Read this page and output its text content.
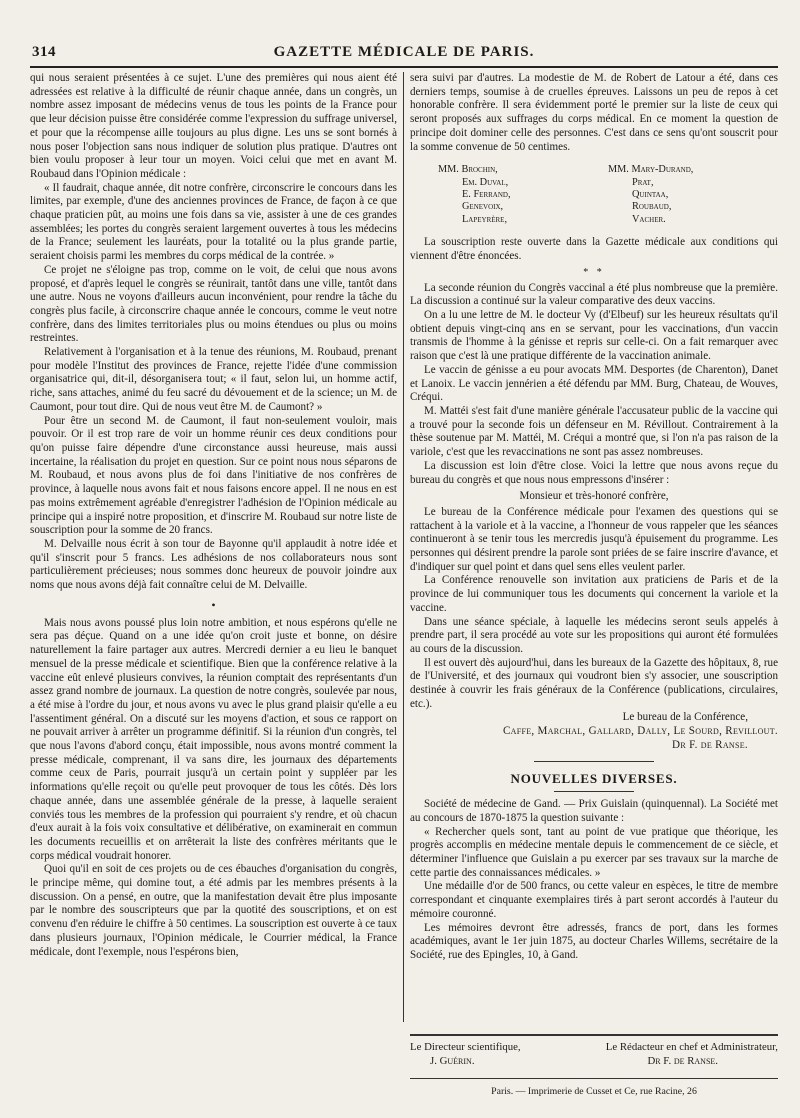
314	GAZETTE MÉDICALE DE PARIS.

qui nous seraient présentées à ce sujet. L'une des premières qui nous aient été adressées est relative à la difficulté de réunir chaque année, dans un congrès, un nombre assez imposant de médecins venus de tous les points de la France pour que leur décision puisse être considérée comme l'expression du suffrage universel, et pour que la récompense aille toujours au plus digne. Les uns se sont bornés à nous poser l'objection sans nous indiquer de solution plus pratique. D'autres ont bien voulu proposer à leur tour un moyen. Voici celui que met en avant M. Roubaud dans l'Opinion médicale :

« Il faudrait, chaque année, dit notre confrère, circonscrire le concours dans les limites, par exemple, d'une des anciennes provinces de France, de façon à ce que chaque praticien pût, au moins une fois dans sa vie, assister à une de ces grandes assemblées; les portes du congrès seraient largement ouvertes à tous les médecins de la France; seulement les lauréats, pour la totalité ou la plus grande partie, seraient choisis parmi les membres du corps médical de la contrée. »

Ce projet ne s'éloigne pas trop, comme on le voit, de celui que nous avons proposé, et d'après lequel le congrès se réunirait, tantôt dans une ville, tantôt dans une autre. Nous ne voyons d'ailleurs aucun inconvénient, pour rendre la tâche du congrès plus facile, à circonscrire chaque année le concours, comme le veut notre confrère, dans des limites territoriales plus ou moins étendues ou plus ou moins restreintes.

Relativement à l'organisation et à la tenue des réunions, M. Roubaud, prenant pour modèle l'Institut des provinces de France, rejette l'idée d'une commission organisatrice qui, dit-il, désorganisera tout; « il faut, selon lui, un homme actif, riche, sans attaches, animé du feu sacré du dévouement et de la science; un M. de Caumont, pour tout dire. Qui de nous veut être M. de Caumont? »

Pour être un second M. de Caumont, il faut non-seulement vouloir, mais pouvoir. Or il est trop rare de voir un homme réunir ces deux conditions pour qu'on puisse faire dépendre d'une circonstance aussi heureuse, mais aussi incertaine, la réalisation du projet en question. Sur ce point nous nous séparons de M. Roubaud, et nous avons plus de foi dans l'initiative de nos confrères de province, à laquelle nous avons fait et nous faisons encore appel. Il ne nous en est pas moins extrêmement agréable d'enregistrer l'adhésion de l'Opinion médicale au principe qui a inspiré notre proposition, et d'inscrire M. Roubaud sur notre liste de souscription pour la somme de 20 francs.

M. Delvaille nous écrit à son tour de Bayonne qu'il applaudit à notre idée et qu'il s'inscrit pour 5 francs. Les adhésions de nos collaborateurs nous sont particulièrement précieuses; nous sommes donc heureux de pouvoir joindre aux noms que nous avons déjà fait connaître celui de M. Delvaille.

•

Mais nous avons poussé plus loin notre ambition, et nous espérons qu'elle ne sera pas déçue. Quand on a une idée qu'on croit juste et bonne, on désire naturellement la faire partager aux autres. Mercredi dernier a eu lieu le banquet mensuel de la presse médicale et scientifique. Bien que la conférence relative à la vaccine eût enlevé plusieurs convives, la réunion comptait des représentants d'un assez grand nombre de journaux. La question de notre congrès, soulevée par nous, a été mise à l'ordre du jour, et nous avons vu avec le plus grand plaisir qu'elle a eu l'assentiment général. On a discuté sur les moyens d'action, et sous ce rapport on ne pouvait arriver à arrêter un programme définitif. Si la réunion d'un congrès, tel que nous l'avons d'abord conçu, était impossible, nous avons montré comment la presse médicale, comprenant, il va sans dire, les journaux des départements comme ceux de Paris, pourrait jusqu'à un certain point y suppléer par les informations qu'elle reçoit ou qu'elle peut provoquer de tous les côtés. Dès lors chaque année, dans une assemblée générale de la presse, à laquelle seraient conviés tous les membres de la profession qui pourraient s'y rendre, et où chacun d'eux aurait à la fois voix consultative et délibérative, on examinerait en commun les documents recueillis et on arrêterait la liste des confrères méritants que le corps médical voudrait honorer.

Quoi qu'il en soit de ces projets ou de ces ébauches d'organisation du congrès, le principe même, qui domine tout, a été admis par les membres présents à la discussion. On a pensé, en outre, que la manifestation devait être plus imposante par le nombre des souscripteurs que par la quotité des souscriptions, et on est convenu d'en réduire le chiffre à 50 centimes. La souscription est ouverte à ce taux dans plusieurs journaux, l'Opinion médicale, le Courrier médical, la France médicale, dont l'exemple, nous l'espérons bien,

sera suivi par d'autres. La modestie de M. de Robert de Latour a été, dans ces derniers temps, soumise à de cruelles épreuves. Laissons un peu de repos à cet honorable confrère. Il sera évidemment porté le premier sur la liste de ceux qui seront proposés aux suffrages du corps médical. En ce moment la question de principe doit dominer celle des personnes. C'est dans ce sens qu'ont souscrit pour la somme convenue de 50 centimes.

MM. Brochin,	MM. Mary-Durand,
Em. Duval,	Prat,
E. Ferrand,	Quintaa,
Genevoix,	Roubaud,
Lapeyrère,	Vacher.

La souscription reste ouverte dans la Gazette médicale aux conditions qui viennent d'être énoncées.

* *

La seconde réunion du Congrès vaccinal a été plus nombreuse que la première. La discussion a continué sur la valeur comparative des deux vaccins.

On a lu une lettre de M. le docteur Vy (d'Elbeuf) sur les heureux résultats qu'il obtient depuis vingt-cinq ans en se servant, pour les vaccinations, d'un vaccin transmis de l'homme à la génisse et repris sur celle-ci. On a fait remarquer avec raison que c'est là une pratique différente de la vaccination animale.

Le vaccin de génisse a eu pour avocats MM. Desportes (de Charenton), Danet et Lanoix. Le vaccin jennérien a été défendu par MM. Burg, Chateau, de Wouves, Créqui.

M. Mattéi s'est fait d'une manière générale l'accusateur public de la vaccine qui a trouvé pour la seconde fois un défenseur en M. Révillout. Contrairement à la thèse soutenue par M. Mattéi, M. Créqui a montré que, si l'on n'a pas raison de la variole, c'est que les revaccinations ne sont pas assez nombreuses.

La discussion est loin d'être close. Voici la lettre que nous avons reçue du bureau du congrès et que nous nous empressons d'insérer :

Monsieur et très-honoré confrère,

Le bureau de la Conférence médicale pour l'examen des questions qui se rattachent à la variole et à la vaccine, a l'honneur de vous rappeler que les séances continueront à se tenir tous les mercredis jusqu'à épuisement du programme. Les personnes qui désirent prendre la parole sont priées de se faire inscrire d'avance, et d'indiquer sur quel point et dans quel sens elles veulent parler.

La Conférence renouvelle son invitation aux praticiens de Paris et de la province de lui communiquer tous les documents qui concernent la variole et la vaccine.

Dans une séance spéciale, à laquelle les médecins seront seuls appelés à prendre part, il sera procédé au vote sur les propositions qui auront été formulées au cours de la discussion.

Il est ouvert dès aujourd'hui, dans les bureaux de la Gazette des hôpitaux, 8, rue de l'Université, et des journaux qui voudront bien s'y associer, une souscription destinée à couvrir les frais généraux de la Conférence (publications, circulaires, etc.).

Le bureau de la Conférence,

Caffe, Marchal, Gallard, Dally, Le Sourd, Revillout.

Dr F. de Ranse.

NOUVELLES DIVERSES.

Société de médecine de Gand. — Prix Guislain (quinquennal). La Société met au concours de 1870-1875 la question suivante :

« Rechercher quels sont, tant au point de vue pratique que théorique, les progrès accomplis en médecine mentale depuis le commencement de ce siècle, et déterminer l'influence que Guislain a pu exercer par ses travaux sur la marche de cette partie des connaissances médicales. »

Une médaille d'or de 500 francs, ou cette valeur en espèces, le titre de membre correspondant et cinquante exemplaires tirés à part seront accordés à l'auteur du mémoire couronné.

Les mémoires devront être adressés, francs de port, dans les formes académiques, avant le 1er juin 1875, au docteur Charles Willems, secrétaire de la Société, rue des Epingles, 10, à Gand.

Le Directeur scientifique,	Le Rédacteur en chef et Administrateur,
J. Guérin.	Dr F. de Ranse.
Paris. — Imprimerie de Cusset et Ce, rue Racine, 26
